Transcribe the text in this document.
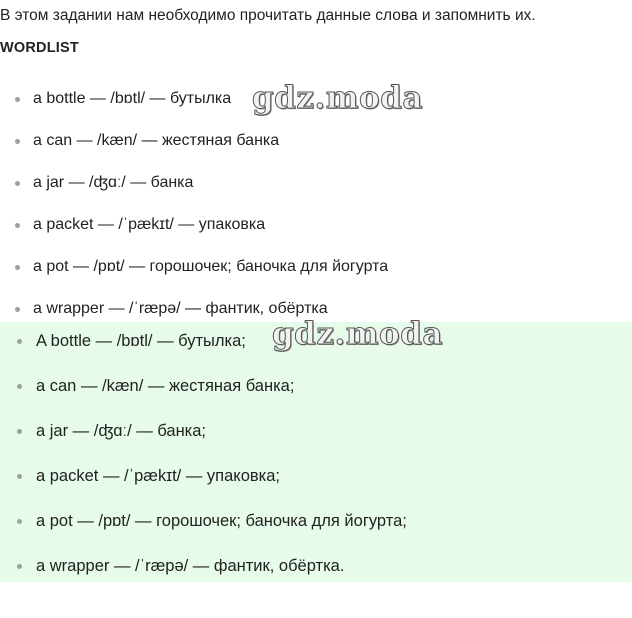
В этом задании нам необходимо прочитать данные слова и запомнить их.
WORDLIST
a bottle — /bɒtl/ — бутылка
a can — /kæn/ — жестяная банка
a jar — /ʤɑː/ — банка
a packet — /ˈpækɪt/ — упаковка
a pot — /pɒt/ — горошочек; баночка для йогурта
a wrapper — /ˈræpə/ — фантик, обёртка
A bottle — /bɒtl/ — бутылка;
a can — /kæn/ — жестяная банка;
a jar — /ʤɑː/ — банка;
a packet — /ˈpækɪt/ — упаковка;
a pot — /pɒt/ — горошочек; баночка для йогурта;
a wrapper — /ˈræpə/ — фантик, обёртка.
gdz.moda
gdz.moda
